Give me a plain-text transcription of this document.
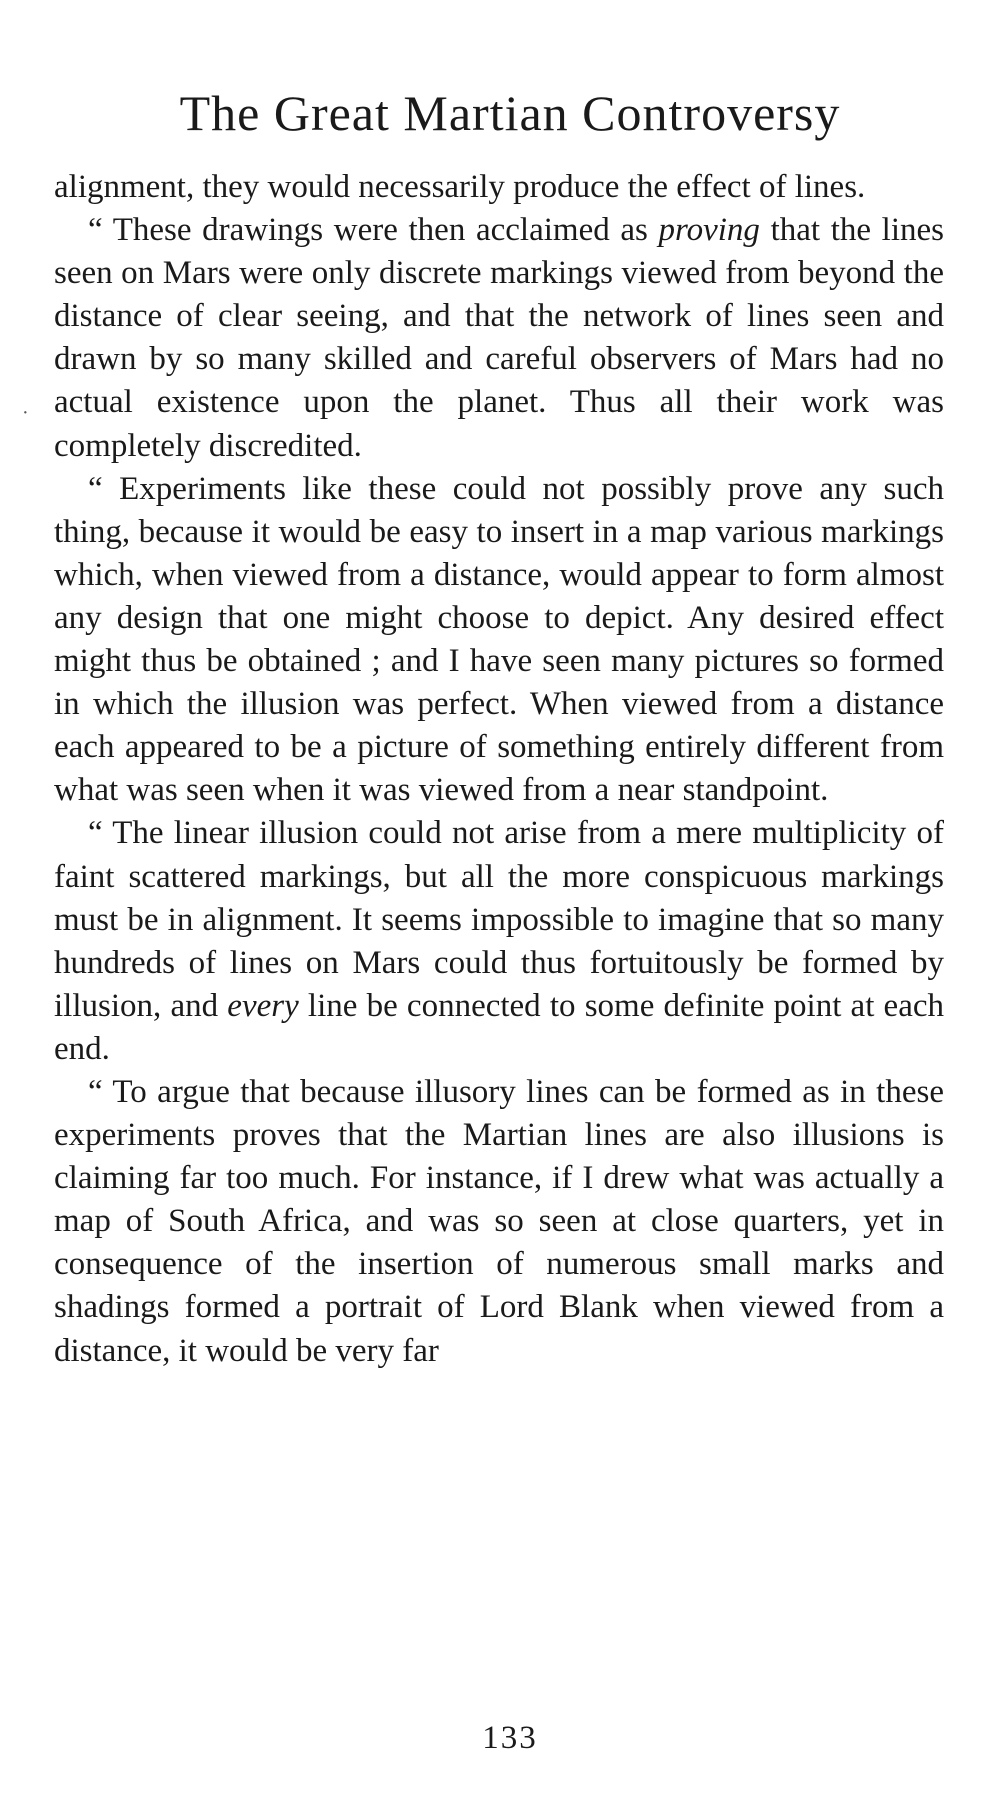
The Great Martian Controversy
·

alignment, they would necessarily produce the effect of lines.

“ These drawings were then acclaimed as proving that the lines seen on Mars were only discrete markings viewed from beyond the distance of clear seeing, and that the network of lines seen and drawn by so many skilled and careful observers of Mars had no actual existence upon the planet. Thus all their work was completely discredited.

“ Experiments like these could not possibly prove any such thing, because it would be easy to insert in a map various markings which, when viewed from a distance, would appear to form almost any design that one might choose to depict. Any desired effect might thus be obtained ; and I have seen many pictures so formed in which the illusion was perfect. When viewed from a distance each appeared to be a picture of something entirely different from what was seen when it was viewed from a near standpoint.

“ The linear illusion could not arise from a mere multiplicity of faint scattered markings, but all the more conspicuous markings must be in alignment. It seems impossible to imagine that so many hundreds of lines on Mars could thus fortuitously be formed by illusion, and every line be connected to some definite point at each end.

“ To argue that because illusory lines can be formed as in these experiments proves that the Martian lines are also illusions is claiming far too much. For instance, if I drew what was actually a map of South Africa, and was so seen at close quarters, yet in consequence of the insertion of numerous small marks and shadings formed a portrait of Lord Blank when viewed from a distance, it would be very far

133
